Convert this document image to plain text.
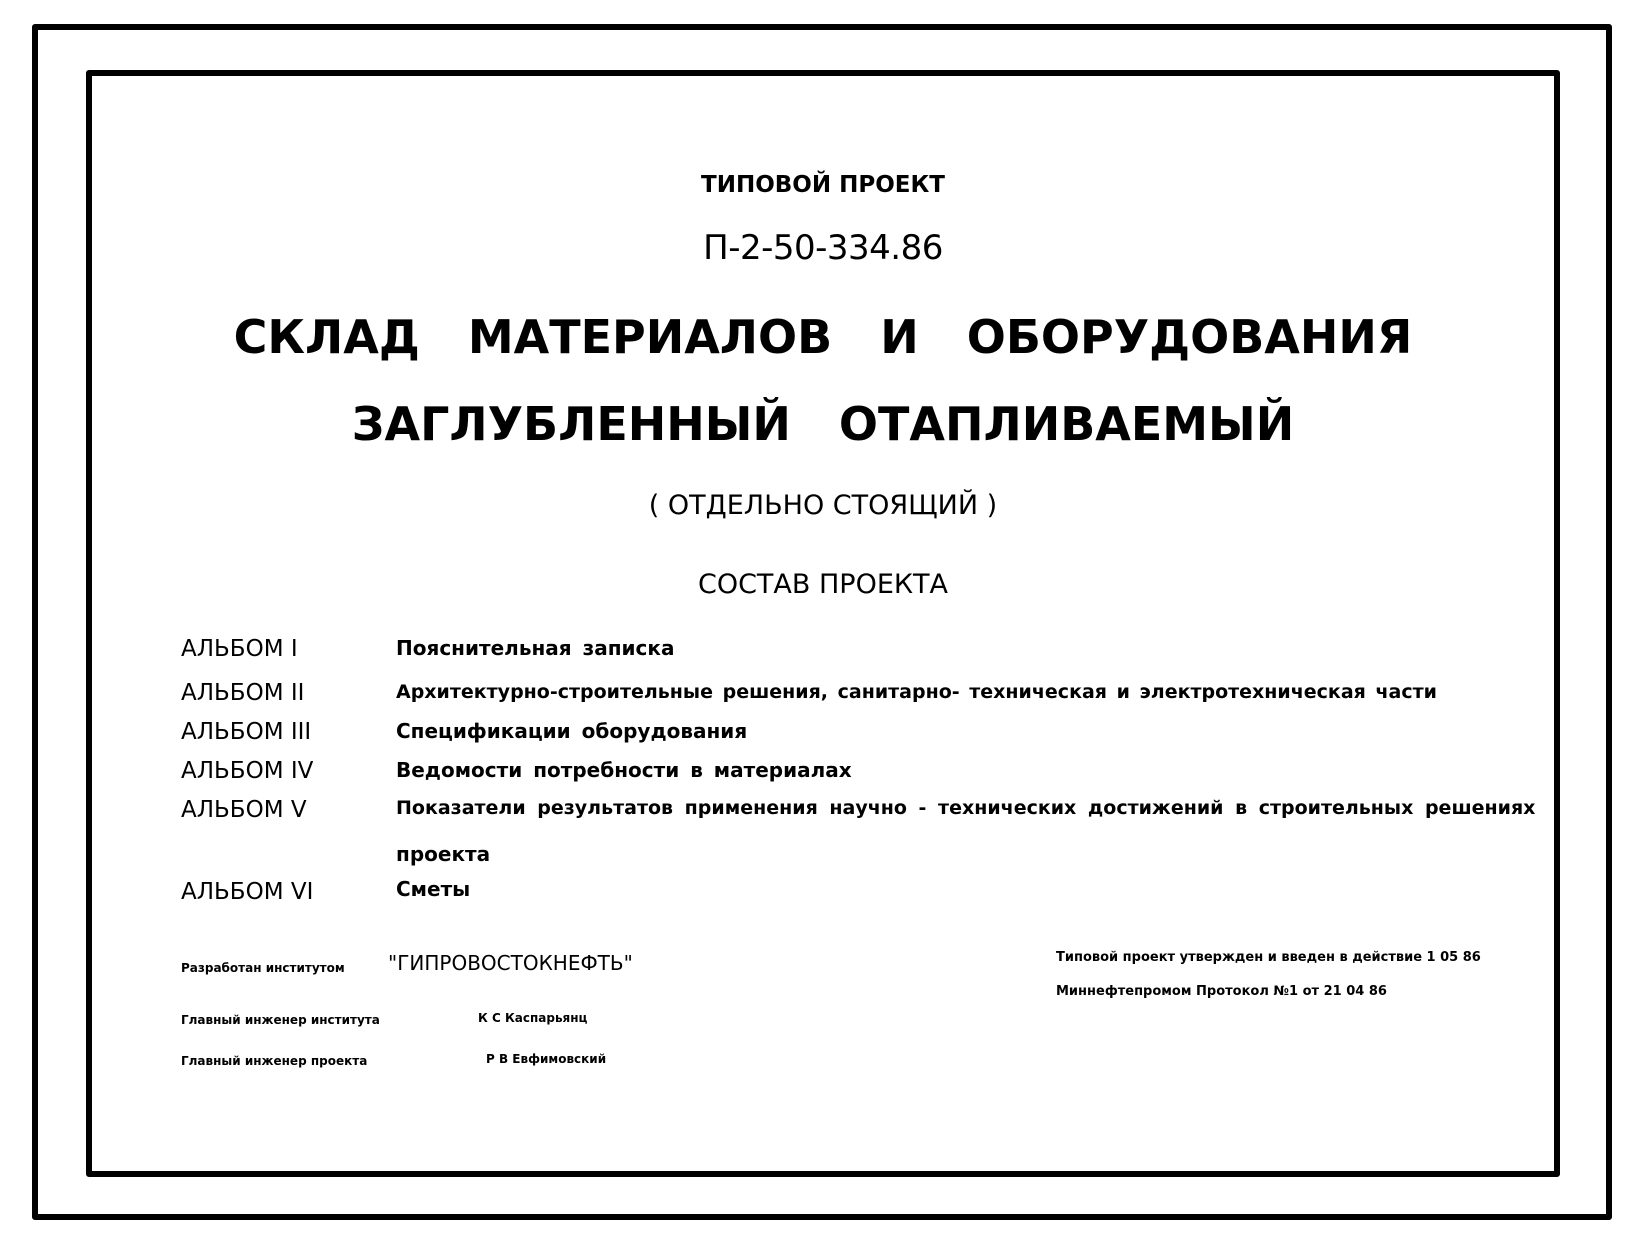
ТИПОВОЙ ПРОЕКТ
П-2-50-334.86
СКЛАД МАТЕРИАЛОВ И ОБОРУДОВАНИЯ
ЗАГЛУБЛЕННЫЙ ОТАПЛИВАЕМЫЙ
( ОТДЕЛЬНО СТОЯЩИЙ )
СОСТАВ ПРОЕКТА
АЛЬБОМ I	Пояснительная записка
АЛЬБОМ II	Архитектурно-строительные решения, санитарно- техническая и электротехническая части
АЛЬБОМ III	Спецификации оборудования
АЛЬБОМ IV	Ведомости потребности в материалах
АЛЬБОМ V	Показатели результатов применения научно - технических достижений в строительных решениях
проекта
АЛЬБОМ VI	Сметы
Разработан институтом "ГИПРОВОСТОКНЕФТЬ"
Главный инженер института	К С Каспарьянц
Главный инженер проекта	Р В Евфимовский
Типовой проект утвержден и введен в действие 1 05 86
Миннефтепромом Протокол №1 от 21 04 86
